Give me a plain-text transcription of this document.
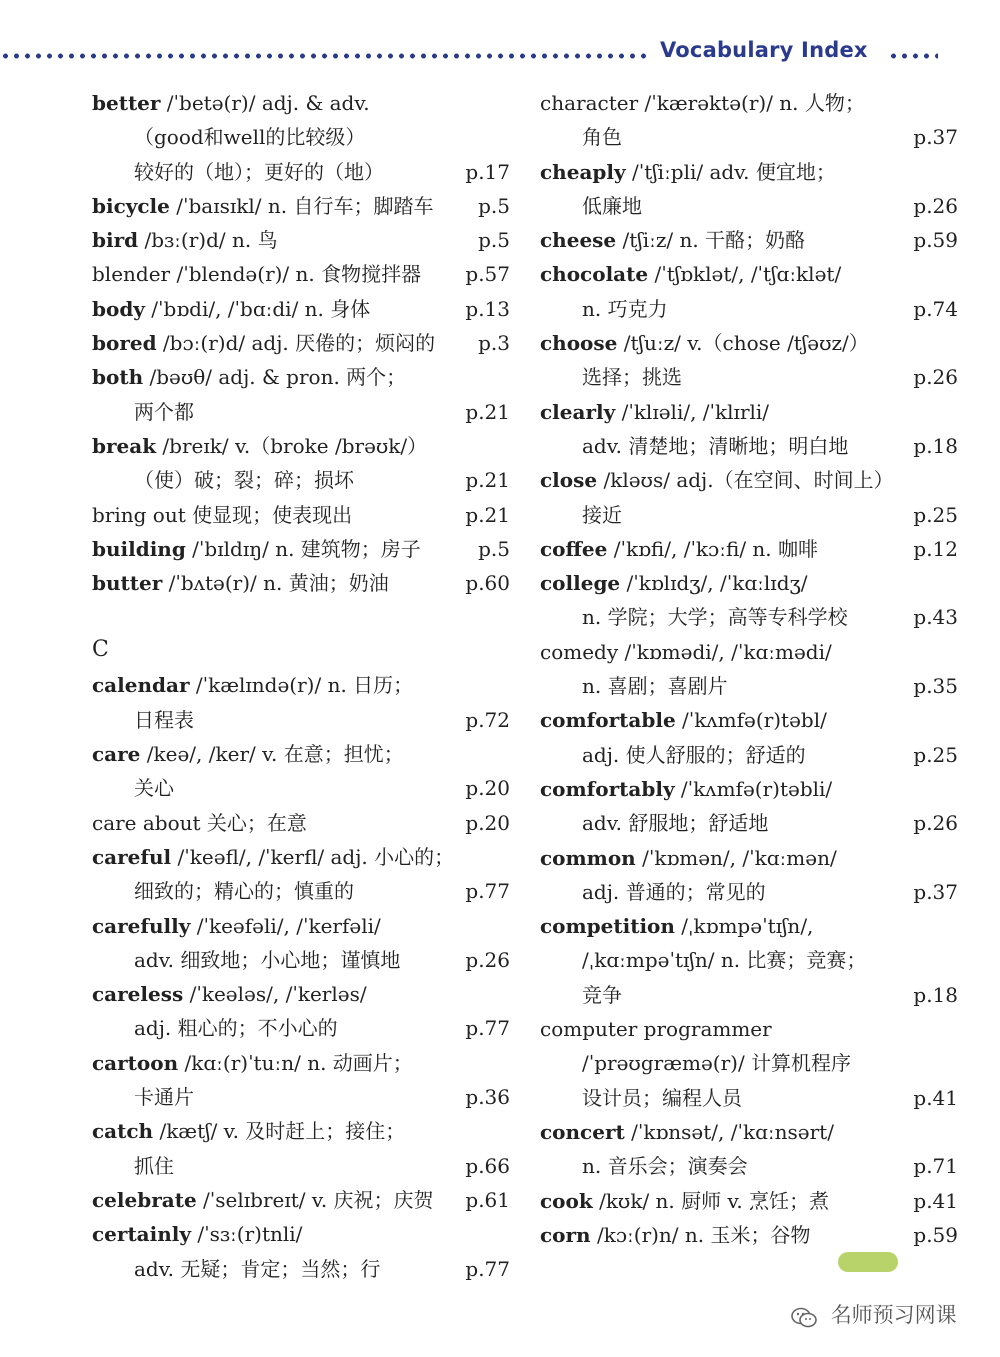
Vocabulary Index
better /ˈbetə(r)/ adj. & adv.
（good和well的比较级）
较好的（地）；更好的（地）	p.17
bicycle /ˈbaɪsɪkl/ n. 自行车；脚踏车 p.5
bird /bɜː(r)d/ n. 鸟	p.5
blender /ˈblendə(r)/ n. 食物搅拌器 p.57
body /ˈbɒdi/, /ˈbɑːdi/ n. 身体	p.13
bored /bɔː(r)d/ adj. 厌倦的；烦闷的 p.3
both /bəʊθ/ adj. & pron. 两个；
两个都	p.21
break /breɪk/ v.（broke /brəʊk/）
（使）破；裂；碎；损坏	p.21
bring out 使显现；使表现出	p.21
building /ˈbɪldɪŋ/ n. 建筑物；房子	p.5
butter /ˈbʌtə(r)/ n. 黄油；奶油	p.60
C
calendar /ˈkælɪndə(r)/ n. 日历；
日程表	p.72
care /keə/, /ker/ v. 在意；担忧；
关心	p.20
care about 关心；在意	p.20
careful /ˈkeəfl/, /ˈkerfl/ adj. 小心的；
细致的；精心的；慎重的	p.77
carefully /ˈkeəfəli/, /ˈkerfəli/
adv. 细致地；小心地；谨慎地	p.26
careless /ˈkeələs/, /ˈkerləs/
adj. 粗心的；不小心的	p.77
cartoon /kɑː(r)ˈtuːn/ n. 动画片；
卡通片	p.36
catch /kætʃ/ v. 及时赶上；接住；
抓住	p.66
celebrate /ˈselɪbreɪt/ v. 庆祝；庆贺 p.61
certainly /ˈsɜː(r)tnli/
adv. 无疑；肯定；当然；行	p.77
character /ˈkærəktə(r)/ n. 人物；
角色	p.37
cheaply /ˈtʃiːpli/ adv. 便宜地；
低廉地	p.26
cheese /tʃiːz/ n. 干酪；奶酪	p.59
chocolate /ˈtʃɒklət/, /ˈtʃɑːklət/
n. 巧克力	p.74
choose /tʃuːz/ v.（chose /tʃəʊz/）
选择；挑选	p.26
clearly /ˈklɪəli/, /ˈklɪrli/
adv. 清楚地；清晰地；明白地	p.18
close /kləʊs/ adj.（在空间、时间上）
接近	p.25
coffee /ˈkɒfi/, /ˈkɔːfi/ n. 咖啡	p.12
college /ˈkɒlɪdʒ/, /ˈkɑːlɪdʒ/
n. 学院；大学；高等专科学校	p.43
comedy /ˈkɒmədi/, /ˈkɑːmədi/
n. 喜剧；喜剧片	p.35
comfortable /ˈkʌmfə(r)təbl/
adj. 使人舒服的；舒适的	p.25
comfortably /ˈkʌmfə(r)təbli/
adv. 舒服地；舒适地	p.26
common /ˈkɒmən/, /ˈkɑːmən/
adj. 普通的；常见的	p.37
competition /ˌkɒmpəˈtɪʃn/,
/ˌkɑːmpəˈtɪʃn/ n. 比赛；竞赛；
竞争	p.18
computer programmer
/ˈprəʊgræmə(r)/ 计算机程序
设计员；编程人员	p.41
concert /ˈkɒnsət/, /ˈkɑːnsərt/
n. 音乐会；演奏会	p.71
cook /kʊk/ n. 厨师 v. 烹饪；煮	p.41
corn /kɔː(r)n/ n. 玉米；谷物	p.59
名师预习网课
